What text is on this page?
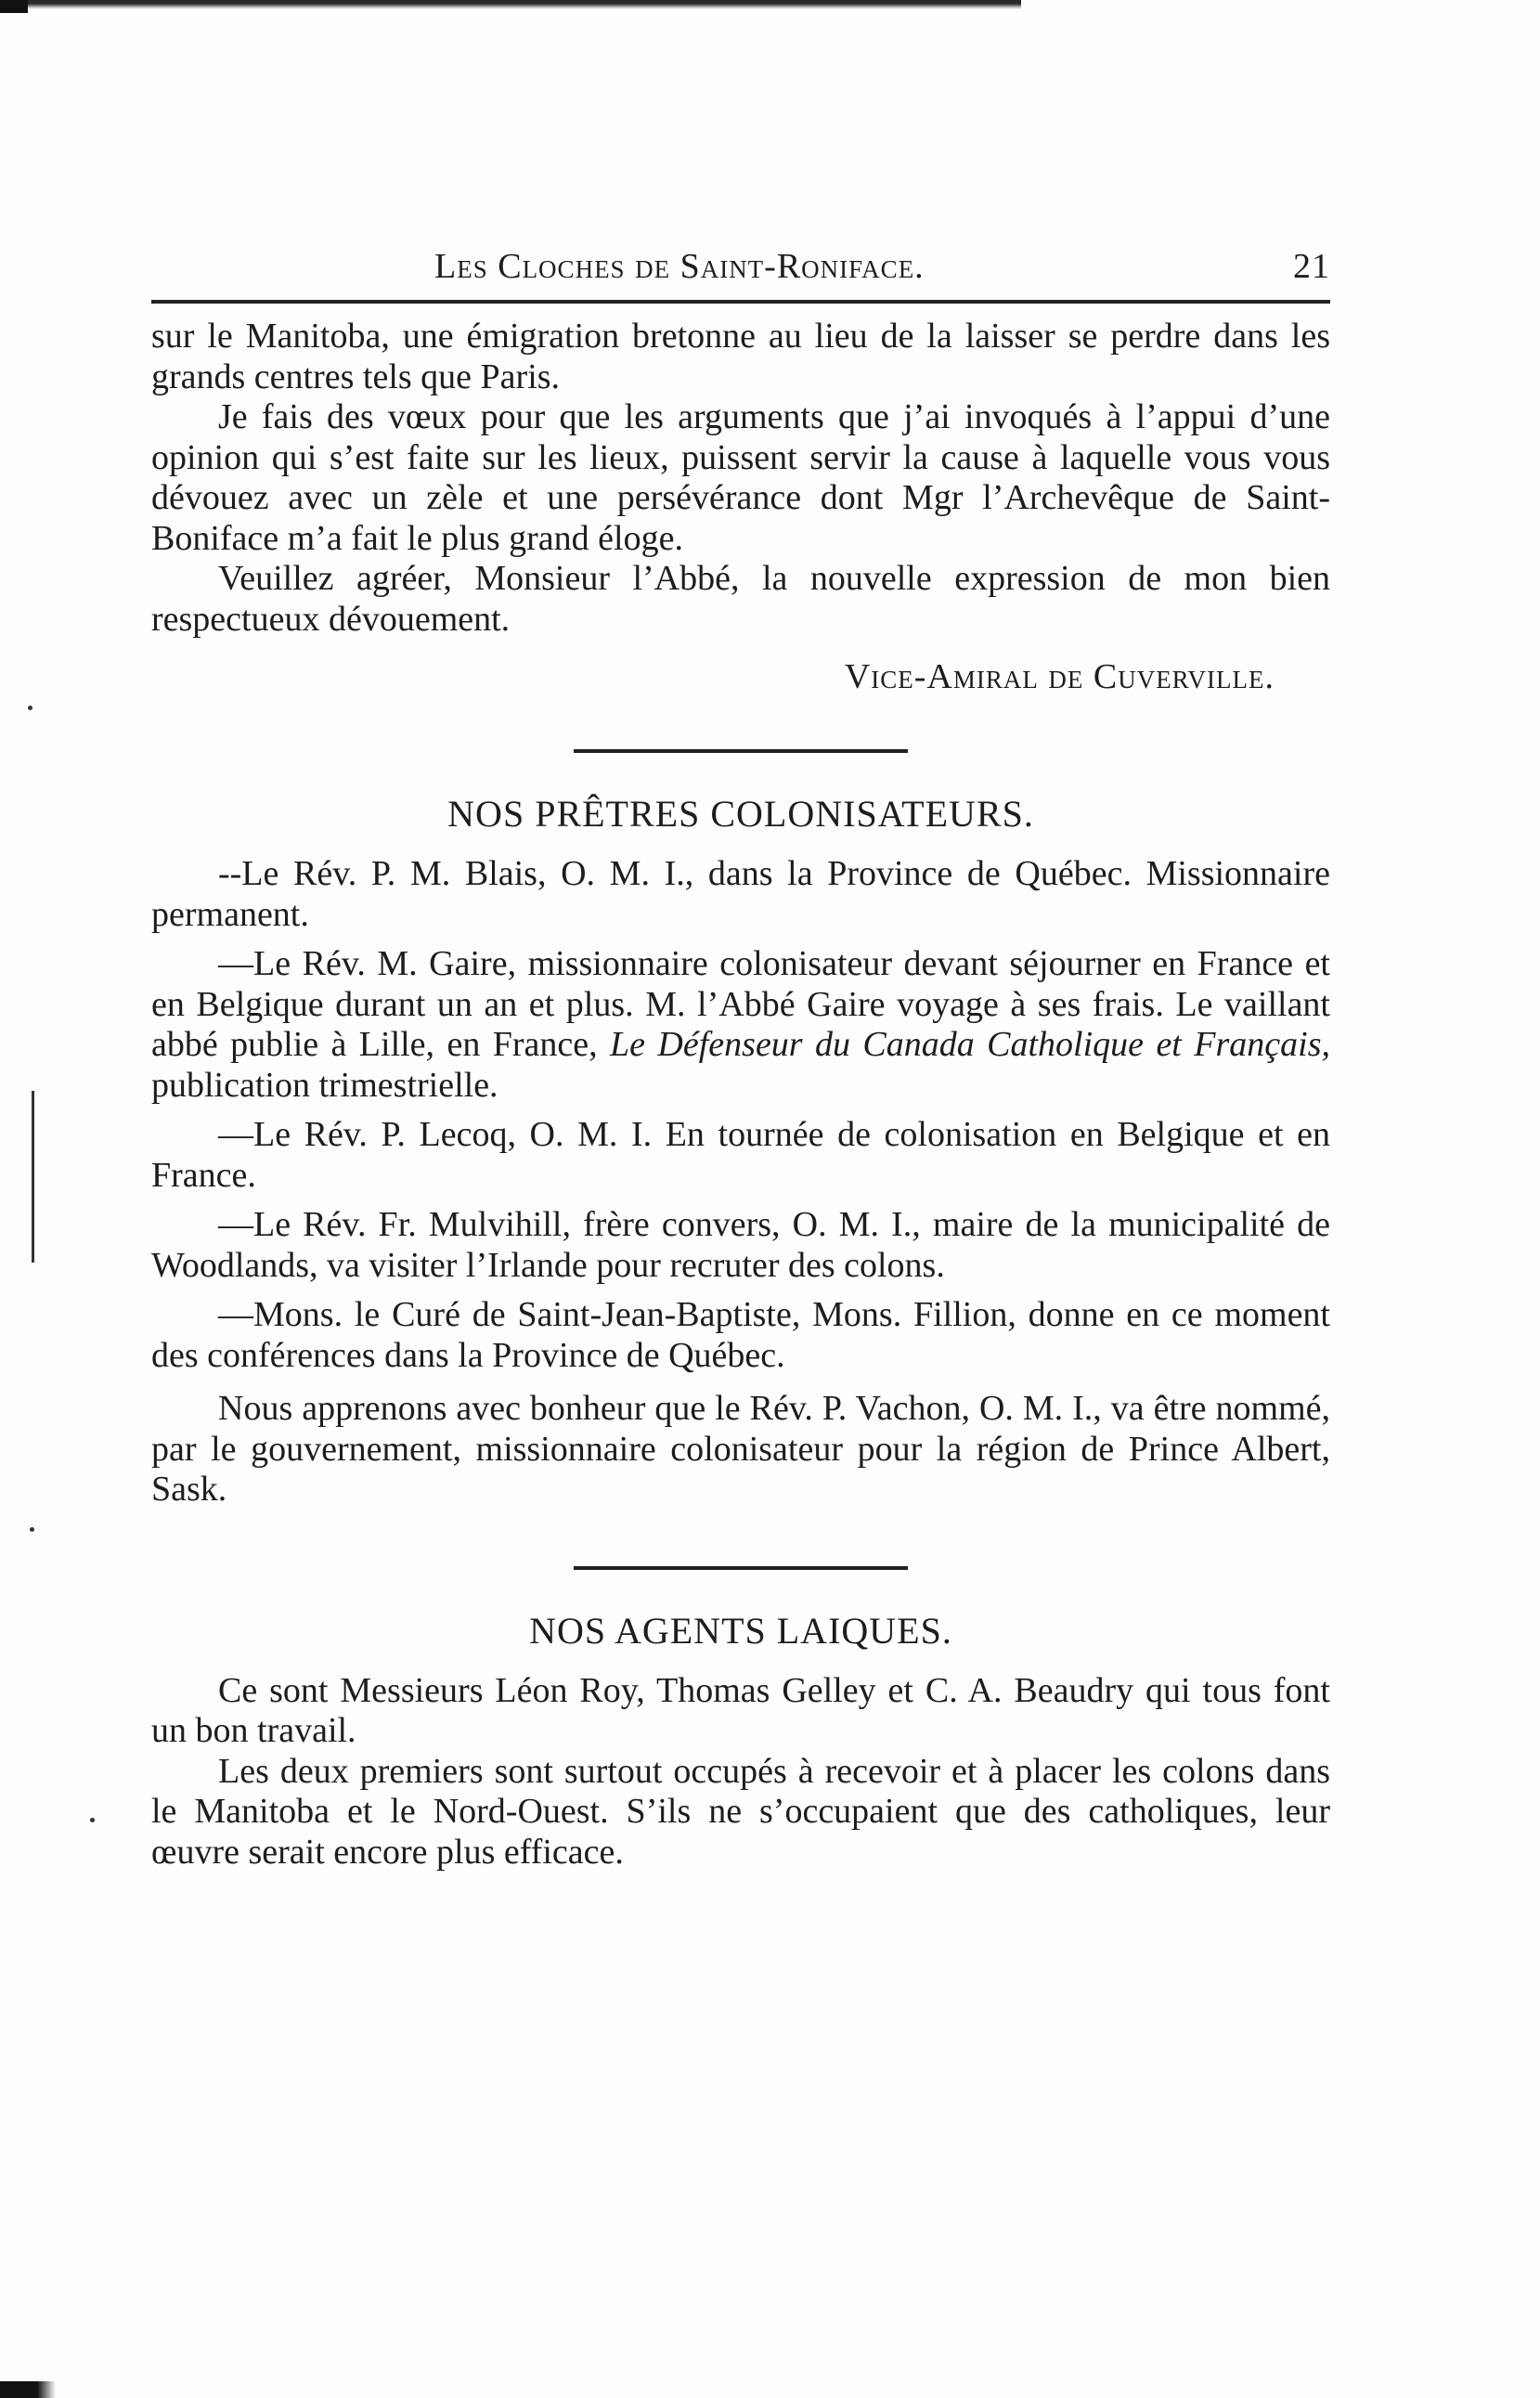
Les Cloches de Saint-Roniface.	21

sur le Manitoba, une émigration bretonne au lieu de la laisser se perdre dans les grands centres tels que Paris.

Je fais des vœux pour que les arguments que j’ai invoqués à l’appui d’une opinion qui s’est faite sur les lieux, puissent servir la cause à laquelle vous vous dévouez avec un zèle et une persévérance dont Mgr l’Archevêque de Saint-Boniface m’a fait le plus grand éloge.

Veuillez agréer, Monsieur l’Abbé, la nouvelle expression de mon bien respectueux dévouement.

Vice-Amiral de Cuverville.
NOS PRÊTRES COLONISATEURS.

--Le Rév. P. M. Blais, O. M. I., dans la Province de Québec. Missionnaire permanent.

—Le Rév. M. Gaire, missionnaire colonisateur devant séjourner en France et en Belgique durant un an et plus. M. l’Abbé Gaire voyage à ses frais. Le vaillant abbé publie à Lille, en France, Le Défenseur du Canada Catholique et Français, publication trimestrielle.

—Le Rév. P. Lecoq, O. M. I. En tournée de colonisation en Belgique et en France.

—Le Rév. Fr. Mulvihill, frère convers, O. M. I., maire de la municipalité de Woodlands, va visiter l’Irlande pour recruter des colons.

—Mons. le Curé de Saint-Jean-Baptiste, Mons. Fillion, donne en ce moment des conférences dans la Province de Québec.

Nous apprenons avec bonheur que le Rév. P. Vachon, O. M. I., va être nommé, par le gouvernement, missionnaire colonisateur pour la région de Prince Albert, Sask.

NOS AGENTS LAIQUES.

Ce sont Messieurs Léon Roy, Thomas Gelley et C. A. Beaudry qui tous font un bon travail.

Les deux premiers sont surtout occupés à recevoir et à placer les colons dans le Manitoba et le Nord-Ouest. S’ils ne s’occupaient que des catholiques, leur œuvre serait encore plus efficace.
